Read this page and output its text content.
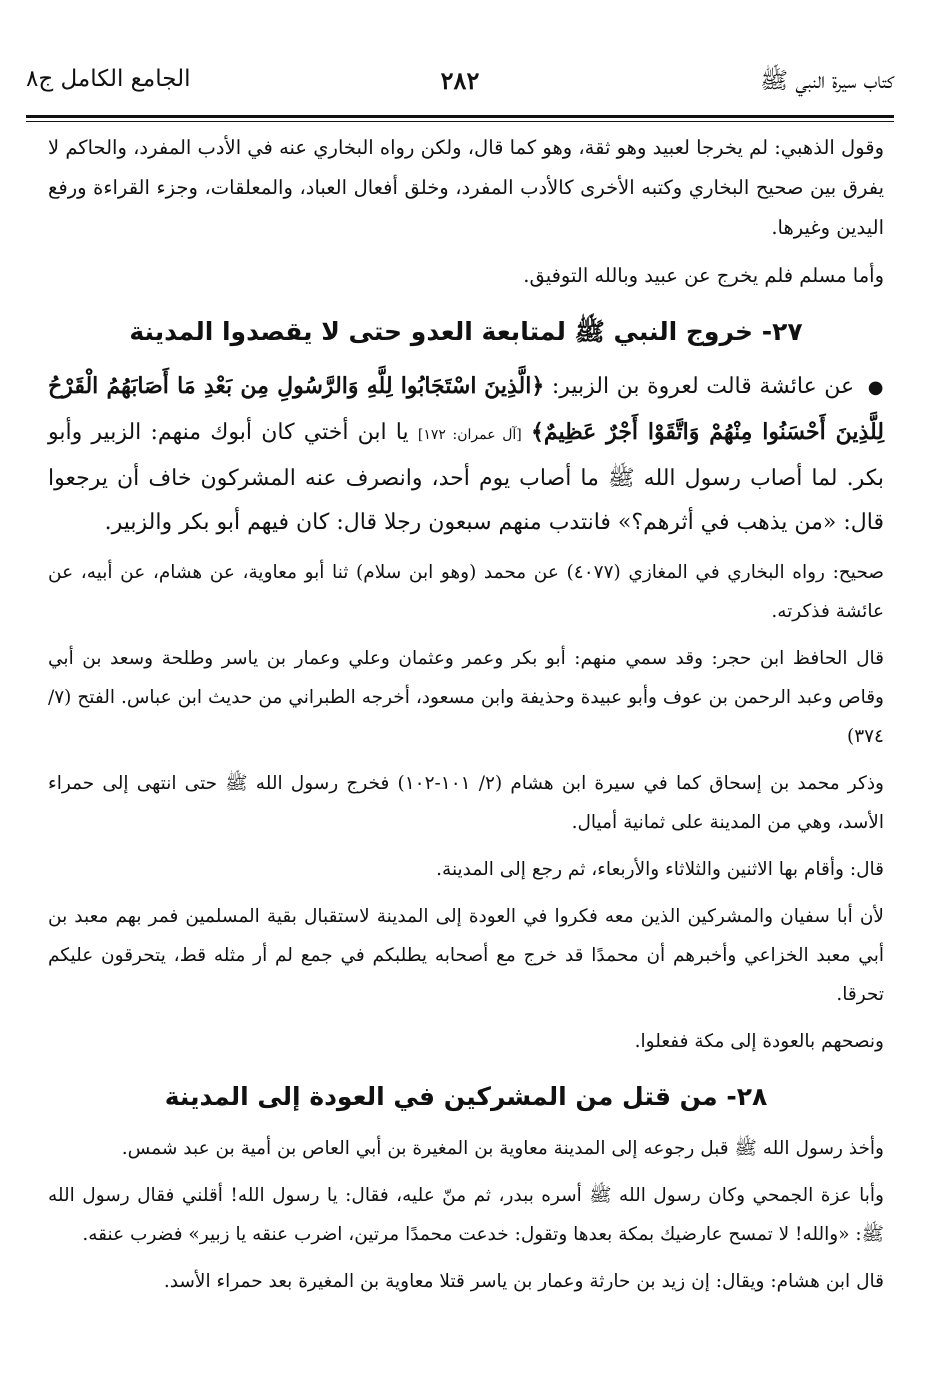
كتاب سيرة النبي ﷺ
٢٨٢
الجامع الكامل ج٨

وقول الذهبي: لم يخرجا لعبيد وهو ثقة، وهو كما قال، ولكن رواه البخاري عنه في الأدب المفرد، والحاكم لا يفرق بين صحيح البخاري وكتبه الأخرى كالأدب المفرد، وخلق أفعال العباد، والمعلقات، وجزء القراءة ورفع اليدين وغيرها.

وأما مسلم فلم يخرج عن عبيد وبالله التوفيق.

٢٧- خروج النبي ﷺ لمتابعة العدو حتى لا يقصدوا المدينة

● عن عائشة قالت لعروة بن الزبير: ﴿الَّذِينَ اسْتَجَابُوا لِلَّهِ وَالرَّسُولِ مِن بَعْدِ مَا أَصَابَهُمُ الْقَرْحُ لِلَّذِينَ أَحْسَنُوا مِنْهُمْ وَاتَّقَوْا أَجْرٌ عَظِيمٌ﴾ [آل عمران: ١٧٢] يا ابن أختي كان أبوك منهم: الزبير وأبو بكر. لما أصاب رسول الله ﷺ ما أصاب يوم أحد، وانصرف عنه المشركون خاف أن يرجعوا قال: «من يذهب في أثرهم؟» فانتدب منهم سبعون رجلا قال: كان فيهم أبو بكر والزبير.

صحيح: رواه البخاري في المغازي (٤٠٧٧) عن محمد (وهو ابن سلام) ثنا أبو معاوية، عن هشام، عن أبيه، عن عائشة فذكرته.

قال الحافظ ابن حجر: وقد سمي منهم: أبو بكر وعمر وعثمان وعلي وعمار بن ياسر وطلحة وسعد بن أبي وقاص وعبد الرحمن بن عوف وأبو عبيدة وحذيفة وابن مسعود، أخرجه الطبراني من حديث ابن عباس. الفتح (٧/ ٣٧٤)

وذكر محمد بن إسحاق كما في سيرة ابن هشام (٢/ ١٠١-١٠٢) فخرج رسول الله ﷺ حتى انتهى إلى حمراء الأسد، وهي من المدينة على ثمانية أميال.

قال: وأقام بها الاثنين والثلاثاء والأربعاء، ثم رجع إلى المدينة.

لأن أبا سفيان والمشركين الذين معه فكروا في العودة إلى المدينة لاستقبال بقية المسلمين فمر بهم معبد بن أبي معبد الخزاعي وأخبرهم أن محمدًا قد خرج مع أصحابه يطلبكم في جمع لم أر مثله قط، يتحرقون عليكم تحرقا.

ونصحهم بالعودة إلى مكة ففعلوا.

٢٨- من قتل من المشركين في العودة إلى المدينة

وأخذ رسول الله ﷺ قبل رجوعه إلى المدينة معاوية بن المغيرة بن أبي العاص بن أمية بن عبد شمس.

وأبا عزة الجمحي وكان رسول الله ﷺ أسره ببدر، ثم منّ عليه، فقال: يا رسول الله! أقلني فقال رسول الله ﷺ: «والله! لا تمسح عارضيك بمكة بعدها وتقول: خدعت محمدًا مرتين، اضرب عنقه يا زبير» فضرب عنقه.

قال ابن هشام: ويقال: إن زيد بن حارثة وعمار بن ياسر قتلا معاوية بن المغيرة بعد حمراء الأسد.
